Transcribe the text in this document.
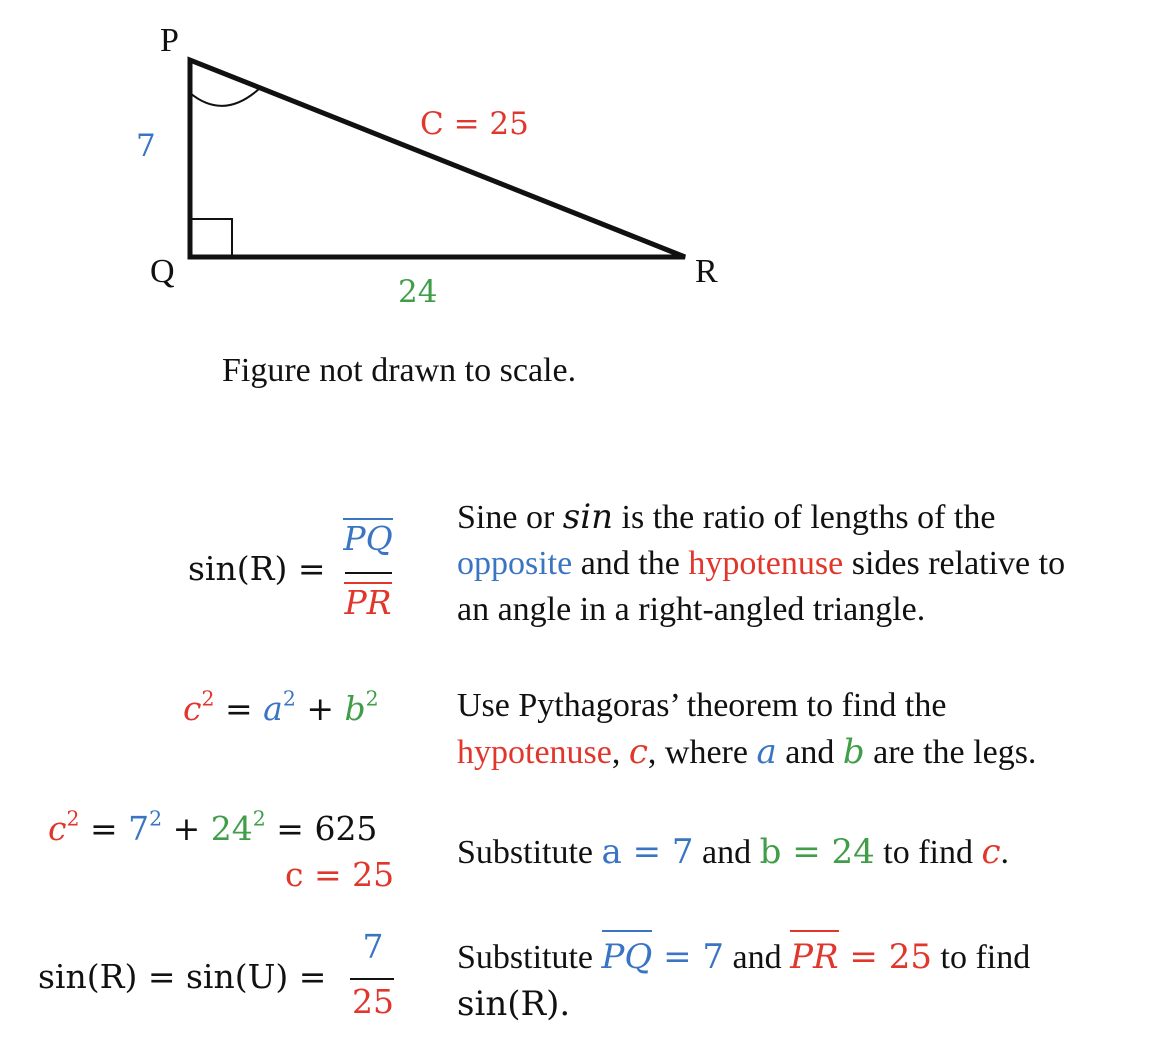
P
Q	R
7
24
C = 25
Figure not drawn to scale.
sin(R) =
PQ
PR
Sine or sin is the ratio of lengths of the
opposite and the hypotenuse sides relative to
an angle in a right-angled triangle.
$c^2 = a^2 + b^2$ Use Pythagoras’ theorem to find the
hypotenuse, c, where a and b are the legs.
$c^2 = 7^2 + 24^2 = 625$
c = 25
Substitute a = 7 and b = 24 to find c.
sin(R) = sin(U) =
7
25
Substitute PQ = 7 and PR = 25 to find
sin(R).
